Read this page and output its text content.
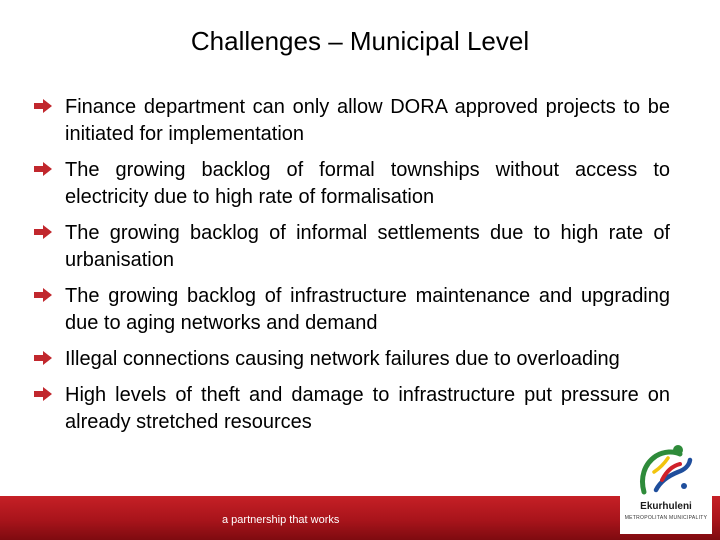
Challenges – Municipal Level
Finance department can only allow DORA approved projects to be initiated for implementation
The growing backlog of formal townships without access to electricity due to high rate of formalisation
The growing backlog of informal settlements due to high rate of urbanisation
The growing backlog of infrastructure maintenance and upgrading due to aging networks and demand
Illegal connections causing network failures due to overloading
High levels of theft and damage to infrastructure put pressure on already stretched resources
a partnership that works
Ekurhuleni
METROPOLITAN MUNICIPALITY
